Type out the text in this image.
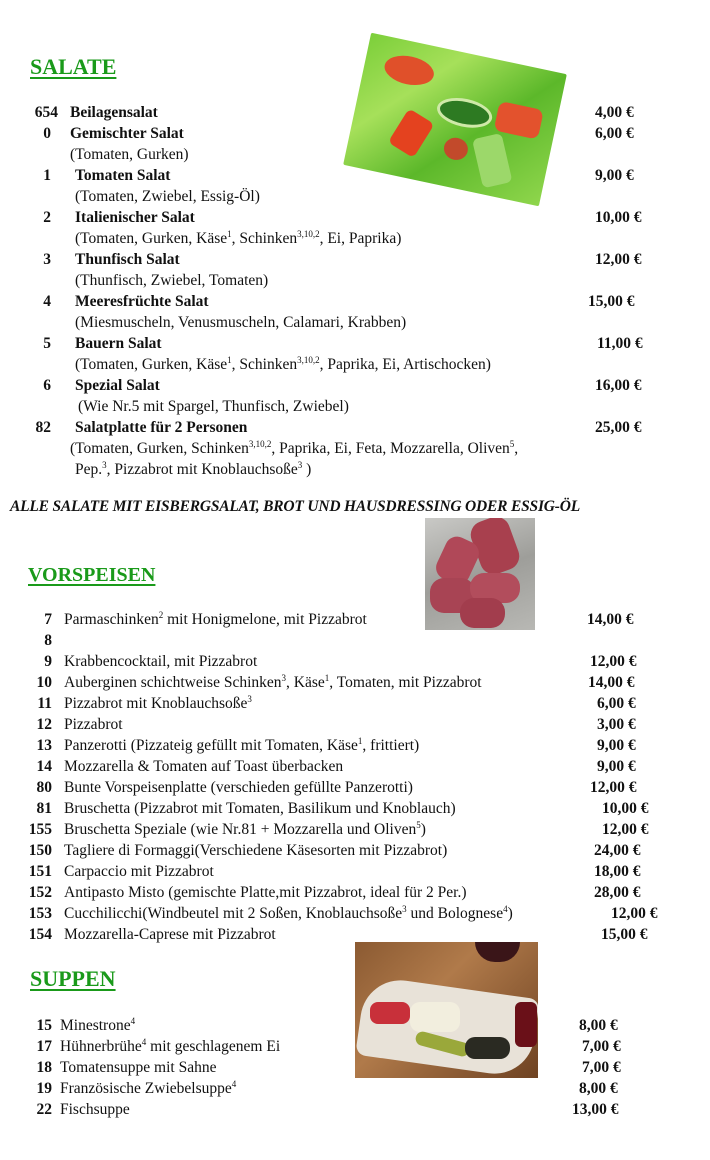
SALATE
654 Beilagensalat	4,00 €
0 Gemischter Salat	6,00 €
(Tomaten, Gurken)
1 Tomaten Salat	9,00 €
(Tomaten, Zwiebel, Essig-Öl)
2 Italienischer Salat	10,00 €
(Tomaten, Gurken, Käse$^1$, Schinken$^{3,10,2}$, Ei, Paprika)
3 Thunfisch Salat	12,00 €
(Thunfisch, Zwiebel, Tomaten)
4 Meeresfrüchte Salat	15,00 €
(Miesmuscheln, Venusmuscheln, Calamari, Krabben)
5 Bauern Salat	11,00 €
(Tomaten, Gurken, Käse$^1$, Schinken$^{3,10,2}$, Paprika, Ei, Artischocken)
6 Spezial Salat	16,00 €
(Wie Nr.5 mit Spargel, Thunfisch, Zwiebel)
82 Salatplatte für 2 Personen	25,00 €
(Tomaten, Gurken, Schinken$^{3,10,2}$, Paprika, Ei, Feta, Mozzarella, Oliven$^5$,
Pep.$^3$, Pizzabrot mit Knoblauchsoße$^3$ )
ALLE SALATE MIT EISBERGSALAT, BROT UND HAUSDRESSING ODER ESSIG-ÖL
VORSPEISEN
7 Parmaschinken$^2$ mit Honigmelone, mit Pizzabrot	14,00 €
8
9 Krabbencocktail, mit Pizzabrot	12,00 €
10 Auberginen schichtweise Schinken$^3$, Käse$^1$, Tomaten, mit Pizzabrot	14,00 €
11 Pizzabrot mit Knoblauchsoße$^3$	6,00 €
12 Pizzabrot	3,00 €
13 Panzerotti (Pizzateig gefüllt mit Tomaten, Käse$^1$, frittiert)	9,00 €
14 Mozzarella & Tomaten auf Toast überbacken	9,00 €
80 Bunte Vorspeisenplatte (verschieden gefüllte Panzerotti)	12,00 €
81 Bruschetta (Pizzabrot mit Tomaten, Basilikum und Knoblauch)	10,00 €
155 Bruschetta Speziale (wie Nr.81 + Mozzarella und Oliven$^5$)	12,00 €
150 Tagliere di Formaggi(Verschiedene Käsesorten mit Pizzabrot)	24,00 €
151 Carpaccio mit Pizzabrot	18,00 €
152 Antipasto Misto (gemischte Platte,mit Pizzabrot, ideal für 2 Per.)	28,00 €
153 Cucchilicchi(Windbeutel mit 2 Soßen, Knoblauchsoße$^3$ und Bolognese$^4$)	12,00 €
154 Mozzarella-Caprese mit Pizzabrot	15,00 €
SUPPEN
15 Minestrone$^4$	8,00 €
17 Hühnerbrühe$^4$ mit geschlagenem Ei	7,00 €
18 Tomatensuppe mit Sahne	7,00 €
19 Französische Zwiebelsuppe$^4$	8,00 €
22 Fischsuppe	13,00 €
